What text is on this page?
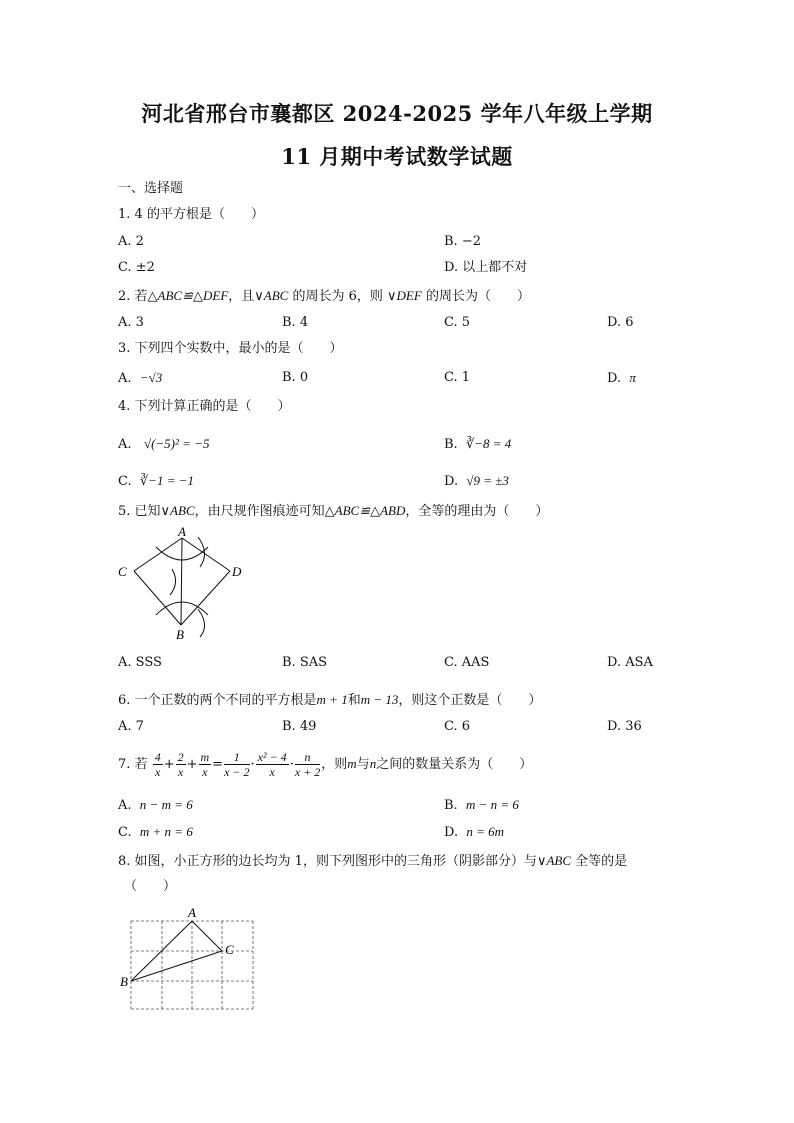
河北省邢台市襄都区 2024-2025 学年八年级上学期
11 月期中考试数学试题
一、选择题
1. 4 的平方根是（　　）
A. 2	B. −2
C. ±2	D. 以上都不对
2. 若△ABC≌△DEF，且∨ABC 的周长为 6，则 ∨DEF 的周长为（　　）
A. 3	B. 4	C. 5	D. 6
3. 下列四个实数中，最小的是（　　）
A. −√3	B. 0	C. 1	D. π
4. 下列计算正确的是（　　）
A. √(−5)² = −5	B. ∛−8 = 4
C. ∛−1 = −1	D. √9 = ±3
5. 已知∨ABC，由尺规作图痕迹可知△ABC≌△ABD，全等的理由为（　　）
A
C	D
B
A. SSS	B. SAS	C. AAS	D. ASA
6. 一个正数的两个不同的平方根是m + 1和m − 13，则这个正数是（　　）
A. 7	B. 49	C. 6	D. 36
7. 若 $\frac{4}{x} + \frac{2}{x} + \frac{m}{x} = \frac{1}{x - 2} \cdot \frac{\text{x² − 4}}{x} \cdot \frac{n}{x + 2}$ ，则m与n之间的数量关系为（　　）
A. n − m = 6	B. m − n = 6
C. m + n = 6	D. n = 6m
8. 如图，小正方形的边长均为 1，则下列图形中的三角形（阴影部分）与∨ABC 全等的是
（　　）
A
C
B
